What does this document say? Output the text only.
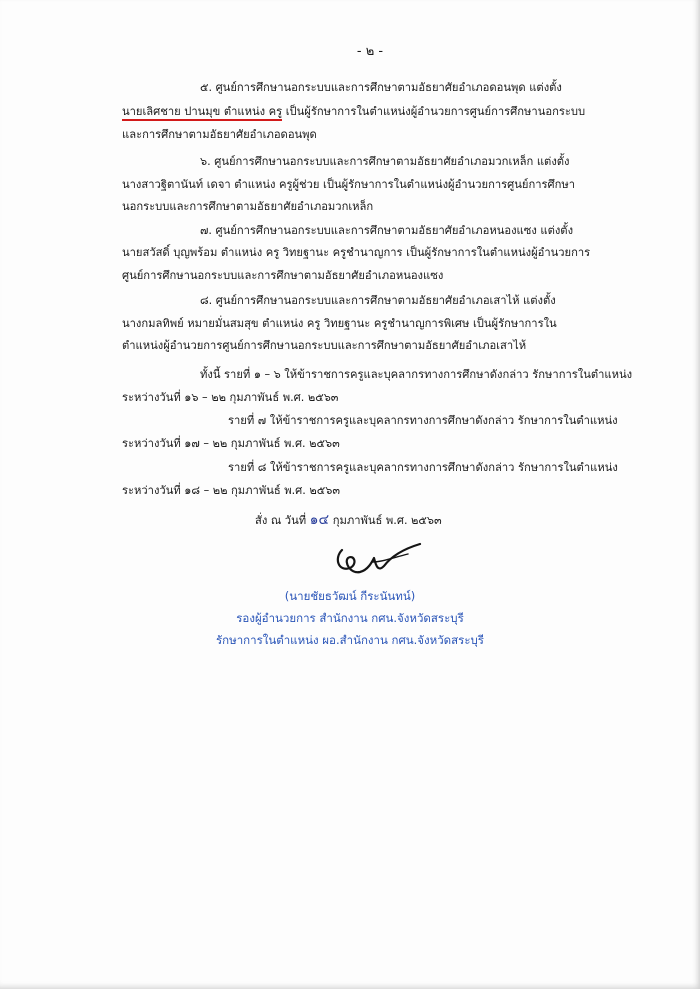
- ๒ -
๕. ศูนย์การศึกษานอกระบบและการศึกษาตามอัธยาศัยอำเภอดอนพุด แต่งตั้ง
นายเลิศชาย ปานมุข ตำแหน่ง ครู เป็นผู้รักษาการในตำแหน่งผู้อำนวยการศูนย์การศึกษานอกระบบ
และการศึกษาตามอัธยาศัยอำเภอดอนพุด
๖. ศูนย์การศึกษานอกระบบและการศึกษาตามอัธยาศัยอำเภอมวกเหล็ก แต่งตั้ง
นางสาวฐิตานันท์ เดจา ตำแหน่ง ครูผู้ช่วย เป็นผู้รักษาการในตำแหน่งผู้อำนวยการศูนย์การศึกษา
นอกระบบและการศึกษาตามอัธยาศัยอำเภอมวกเหล็ก
๗. ศูนย์การศึกษานอกระบบและการศึกษาตามอัธยาศัยอำเภอหนองแซง แต่งตั้ง
นายสวัสดิ์ บุญพร้อม ตำแหน่ง ครู วิทยฐานะ ครูชำนาญการ เป็นผู้รักษาการในตำแหน่งผู้อำนวยการ
ศูนย์การศึกษานอกระบบและการศึกษาตามอัธยาศัยอำเภอหนองแซง
๘. ศูนย์การศึกษานอกระบบและการศึกษาตามอัธยาศัยอำเภอเสาไห้ แต่งตั้ง
นางกมลทิพย์ หมายมั่นสมสุข ตำแหน่ง ครู วิทยฐานะ ครูชำนาญการพิเศษ เป็นผู้รักษาการใน
ตำแหน่งผู้อำนวยการศูนย์การศึกษานอกระบบและการศึกษาตามอัธยาศัยอำเภอเสาไห้
ทั้งนี้ รายที่ ๑ – ๖ ให้ข้าราชการครูและบุคลากรทางการศึกษาดังกล่าว รักษาการในตำแหน่ง
ระหว่างวันที่ ๑๖ – ๒๒ กุมภาพันธ์ พ.ศ. ๒๕๖๓
รายที่ ๗ ให้ข้าราชการครูและบุคลากรทางการศึกษาดังกล่าว รักษาการในตำแหน่ง
ระหว่างวันที่ ๑๗ – ๒๒ กุมภาพันธ์ พ.ศ. ๒๕๖๓
รายที่ ๘ ให้ข้าราชการครูและบุคลากรทางการศึกษาดังกล่าว รักษาการในตำแหน่ง
ระหว่างวันที่ ๑๘ – ๒๒ กุมภาพันธ์ พ.ศ. ๒๕๖๓
สั่ง ณ วันที่ ๑๔ กุมภาพันธ์ พ.ศ. ๒๕๖๓
(นายชัยธวัฒน์ กีระนันทน์)
รองผู้อำนวยการ สำนักงาน กศน.จังหวัดสระบุรี
รักษาการในตำแหน่ง ผอ.สำนักงาน กศน.จังหวัดสระบุรี
